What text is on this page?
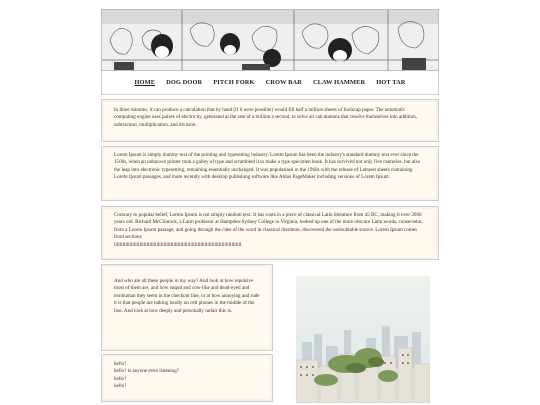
HOME DOG DOOR PITCH FORK CROW BAR CLAW HAMMER HOT TAR

In three minutes, it can produce a calculation that by hand (if it were possible) would fill half a million sheets of foolscap paper. The automatic computing engine uses pulses of electricity, generated at the rate of a million a second, to solve all calculations that resolve themselves into addition, subtraction, multiplication, and division.

Lorem Ipsum is simply dummy text of the printing and typesetting industry. Lorem Ipsum has been the industry's standard dummy text ever since the 1500s, when an unknown printer took a galley of type and scrambled it to make a type specimen book. It has survived not only five centuries, but also the leap into electronic typesetting, remaining essentially unchanged. It was popularised in the 1960s with the release of Letraset sheets containing Lorem Ipsum passages, and more recently with desktop publishing software like Aldus PageMaker including versions of Lorem Ipsum.

Contrary to popular belief, Lorem Ipsum is not simply random text. It has roots in a piece of classical Latin literature from 45 BC, making it over 2000 years old. Richard McClintock, a Latin professor at Hampden-Sydney College in Virginia, looked up one of the more obscure Latin words, consectetur, from a Lorem Ipsum passage, and going through the cites of the word in classical literature, discovered the undoubtable source. Lorem Ipsum comes from sections

llllllllllllllllllllllllllllllllllllllllllllllllllllllllllllllllllllllllllllllllllllllllll

And who are all these people in my way? And look at how repulsive most of them are, and how stupid and cow-like and dead-eyed and nonhuman they seem in the checkout line, or at how annoying and rude it is that people are talking loudly on cell phones in the middle of the line. And look at how deeply and personally unfair this is.

hello?

hello? is anyone even listening?

hello?

hello?
